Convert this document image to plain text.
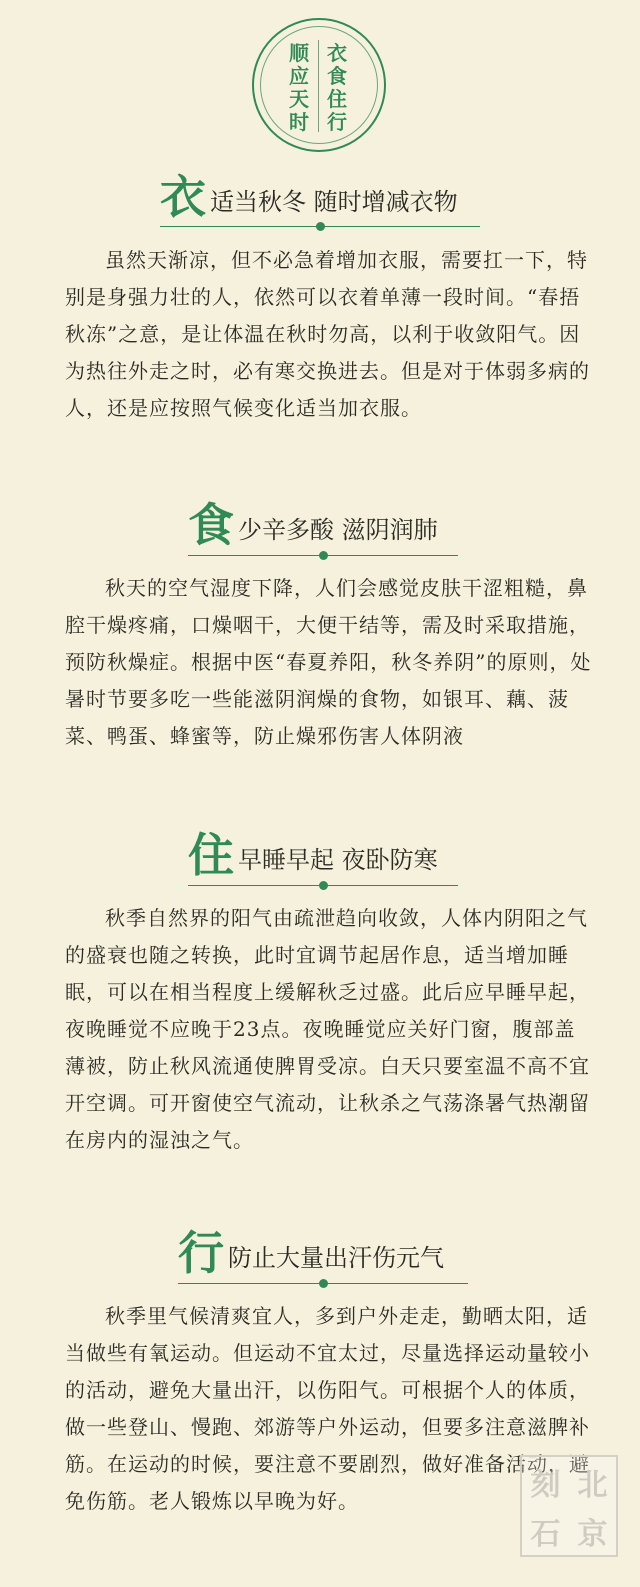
顺
应
天
时
衣
食
住
行
衣 适当秋冬 随时增减衣物

虽然天渐凉，但不必急着增加衣服，需要扛一下，特别是身强力壮的人，依然可以衣着单薄一段时间。“春捂秋冻”之意，是让体温在秋时勿高，以利于收敛阳气。因为热往外走之时，必有寒交换进去。但是对于体弱多病的人，还是应按照气候变化适当加衣服。

食 少辛多酸 滋阴润肺

秋天的空气湿度下降，人们会感觉皮肤干涩粗糙，鼻腔干燥疼痛，口燥咽干，大便干结等，需及时采取措施，预防秋燥症。根据中医“春夏养阳，秋冬养阴”的原则，处暑时节要多吃一些能滋阴润燥的食物，如银耳、藕、菠菜、鸭蛋、蜂蜜等，防止燥邪伤害人体阴液

住 早睡早起 夜卧防寒

秋季自然界的阳气由疏泄趋向收敛，人体内阴阳之气的盛衰也随之转换，此时宜调节起居作息，适当增加睡眠，可以在相当程度上缓解秋乏过盛。此后应早睡早起，夜晚睡觉不应晚于23点。夜晚睡觉应关好门窗，腹部盖薄被，防止秋风流通使脾胃受凉。白天只要室温不高不宜开空调。可开窗使空气流动，让秋杀之气荡涤暑气热潮留在房内的湿浊之气。

行 防止大量出汗伤元气

秋季里气候清爽宜人，多到户外走走，勤晒太阳，适当做些有氧运动。但运动不宜太过，尽量选择运动量较小的活动，避免大量出汗，以伤阳气。可根据个人的体质，做一些登山、慢跑、郊游等户外运动，但要多注意滋脾补筋。在运动的时候，要注意不要剧烈，做好准备活动，避免伤筋。老人锻炼以早晚为好。	刻 北
石 京
